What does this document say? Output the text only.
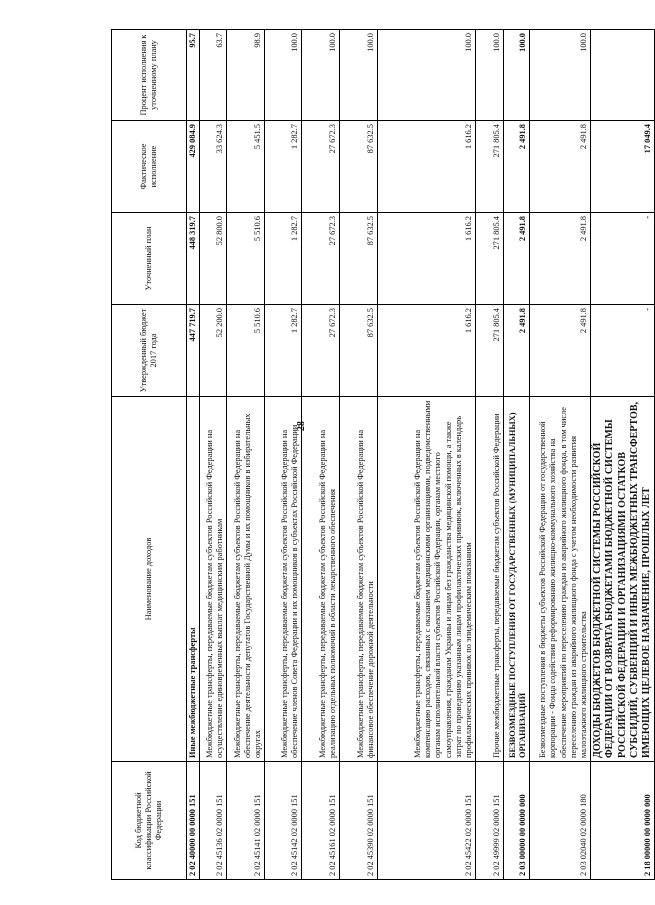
- 28 -
Код бюджетной классификации Российской Федерации	Наименование доходов	Утвержденный бюджет 2017 года	Уточненный план	Фактическое исполнение	Процент исполнения к уточненному плану
2 02 40000 00 0000 151	Иные межбюджетные трансферты	447 719.7	448 319.7	429 084.9	95.7
2 02 45136 02 0000 151	Межбюджетные трансферты, передаваемые бюджетам субъектов Российской Федерации на осуществление единовременных выплат медицинским работникам	52 200.0	52 800.0	33 624.3	63.7
2 02 45141 02 0000 151	Межбюджетные трансферты, передаваемые бюджетам субъектов Российской Федерации на обеспечение деятельности депутатов Государственной Думы и их помощников в избирательных округах	5 510.6	5 510.6	5 451.5	98.9
2 02 45142 02 0000 151	Межбюджетные трансферты, передаваемые бюджетам субъектов Российской Федерации на обеспечение членов Совета Федерации и их помощников в субъектах Российской Федерации	1 282.7	1 282.7	1 282.7	100.0
2 02 45161 02 0000 151	Межбюджетные трансферты, передаваемые бюджетам субъектов Российской Федерации на реализацию отдельных полномочий в области лекарственного обеспечения	27 672.3	27 672.3	27 672.3	100.0
2 02 45390 02 0000 151	Межбюджетные трансферты, передаваемые бюджетам субъектов Российской Федерации на финансовое обеспечение дорожной деятельности	87 632.5	87 632.5	87 632.5	100.0
2 02 45422 02 0000 151	Межбюджетные трансферты, передаваемые бюджетам субъектов Российской Федерации на компенсацию расходов, связанных с оказанием медицинскими организациями, подведомственными органам исполнительной власти субъектов Российской Федерации, органам местного самоуправления, гражданам Украины и лицам без гражданства медицинской помощи, а также затрат по проведению указанным лицам профилактических прививок, включенных в календарь профилактических прививок по эпидемическим показаниям	1 616.2	1 616.2	1 616.2	100.0
2 02 49999 02 0000 151	Прочие межбюджетные трансферты, передаваемые бюджетам субъектов Российской Федерации	271 805.4	271 805.4	271 805.4	100.0
2 03 00000 00 0000 000	БЕЗВОЗМЕЗДНЫЕ ПОСТУПЛЕНИЯ ОТ ГОСУДАРСТВЕННЫХ (МУНИЦИПАЛЬНЫХ) ОРГАНИЗАЦИЙ	2 491.8	2 491.8	2 491.8	100.0
2 03 02040 02 0000 180	Безвозмездные поступления в бюджеты субъектов Российской Федерации от государственной корпорации - Фонда содействия реформированию жилищно-коммунального хозяйства на обеспечение мероприятий по переселению граждан из аварийного жилищного фонда, в том числе переселению граждан из аварийного жилищного фонда с учетом необходимости развития малоэтажного жилищного строительства	2 491.8	2 491.8	2 491.8	100.0
2 18 00000 00 0000 000	ДОХОДЫ БЮДЖЕТОВ БЮДЖЕТНОЙ СИСТЕМЫ РОССИЙСКОЙ ФЕДЕРАЦИИ ОТ ВОЗВРАТА БЮДЖЕТАМИ БЮДЖЕТНОЙ СИСТЕМЫ РОССИЙСКОЙ ФЕДЕРАЦИИ И ОРГАНИЗАЦИЯМИ ОСТАТКОВ СУБСИДИЙ, СУБВЕНЦИЙ И ИНЫХ МЕЖБЮДЖЕТНЫХ ТРАНСФЕРТОВ, ИМЕЮЩИХ ЦЕЛЕВОЕ НАЗНАЧЕНИЕ, ПРОШЛЫХ ЛЕТ	-	-	17 049.4	
